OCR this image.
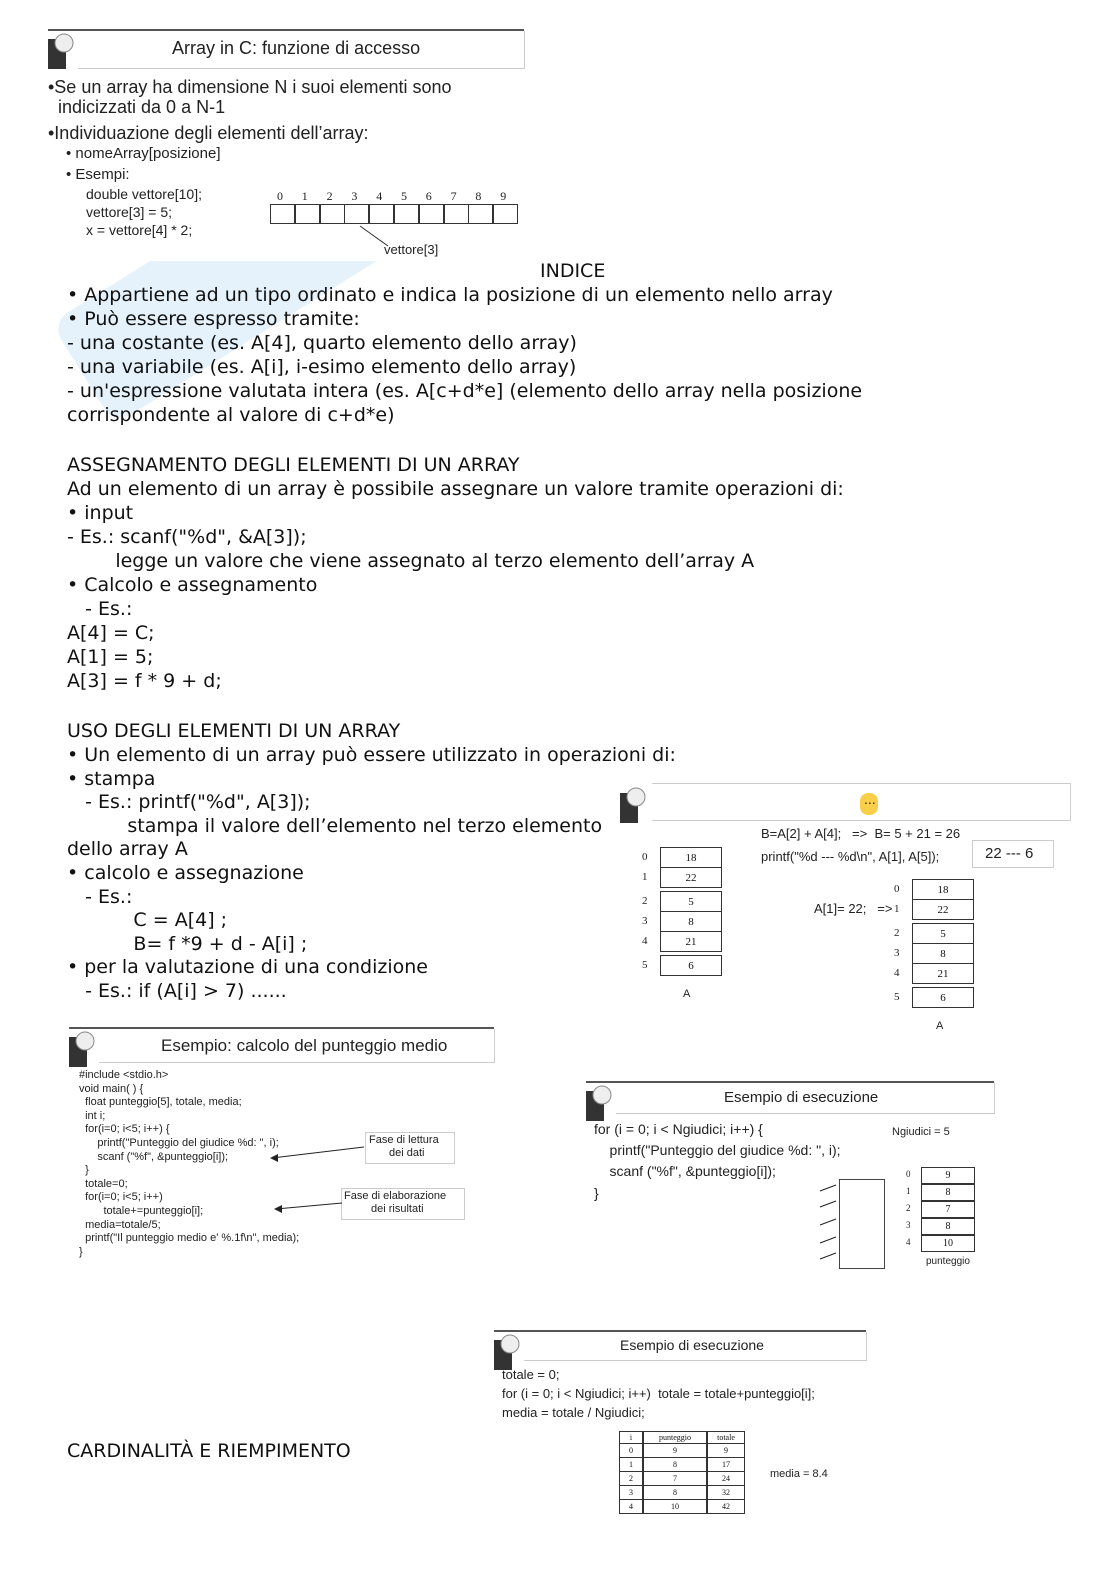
Array in C: funzione di accesso
•Se un array ha dimensione N i suoi elementi sono
indicizzati da 0 a N-1
•Individuazione degli elementi dell’array:
• nomeArray[posizione]
• Esempi:
double vettore[10];
vettore[3] = 5;
x = vettore[4] * 2;
0 1 2 3 4 5 6 7 8 9
vettore[3]
INDICE
• Appartiene ad un tipo ordinato e indica la posizione di un elemento nello array
• Può essere espresso tramite:
- una costante (es. A[4], quarto elemento dello array)
- una variabile (es. A[i], i-esimo elemento dello array)
- un'espressione valutata intera (es. A[c+d*e] (elemento dello array nella posizione
corrispondente al valore di c+d*e)
ASSEGNAMENTO DEGLI ELEMENTI DI UN ARRAY
Ad un elemento di un array è possibile assegnare un valore tramite operazioni di:
• input
- Es.: scanf("%d", &A[3]);
legge un valore che viene assegnato al terzo elemento dell’array A
• Calcolo e assegnamento
- Es.:
A[4] = C;
A[1] = 5;
A[3] = f * 9 + d;
USO DEGLI ELEMENTI DI UN ARRAY
• Un elemento di un array può essere utilizzato in operazioni di:
• stampa
- Es.: printf("%d", A[3]);
stampa il valore dell’elemento nel terzo elemento
dello array A
• calcolo e assegnazione
- Es.:
C = A[4] ;
B= f *9 + d - A[i] ;
• per la valutazione di una condizione
- Es.: if (A[i] > 7) ......
...
B=A[2] + A[4];   =>  B= 5 + 21 = 26
printf("%d --- %d\n", A[1], A[5]);	22 --- 6
A[1]= 22;   =>
0	18
1	22
2	5
3	8
4	21
5	6
0	18
1	22
2	5
3	8
4	21
5	6
A
A
Esempio: calcolo del punteggio medio
#include <stdio.h>
void main( ) {
float punteggio[5], totale, media;
int i;
for(i=0; i<5; i++) {
printf("Punteggio del giudice %d: ", i);
scanf ("%f", &punteggio[i]);
}
totale=0;
for(i=0; i<5; i++)
totale+=punteggio[i];
media=totale/5;
printf("Il punteggio medio e' %.1f\n", media);
}
Fase di lettura
dei dati
Fase di elaborazione
dei risultati
Esempio di esecuzione
for (i = 0; i < Ngiudici; i++) {
printf("Punteggio del giudice %d: ", i);
scanf ("%f", &punteggio[i]);
}
Ngiudici = 5
0	9
1	8
2	7
3	8
4	10
punteggio
Esempio di esecuzione
totale = 0;
for (i = 0; i < Ngiudici; i++)  totale = totale+punteggio[i];
media = totale / Ngiudici;
i	punteggio	totale
0	9	9
1	8	17
2	7	24
3	8	32
4	10	42
media = 8.4
CARDINALITÀ E RIEMPIMENTO
